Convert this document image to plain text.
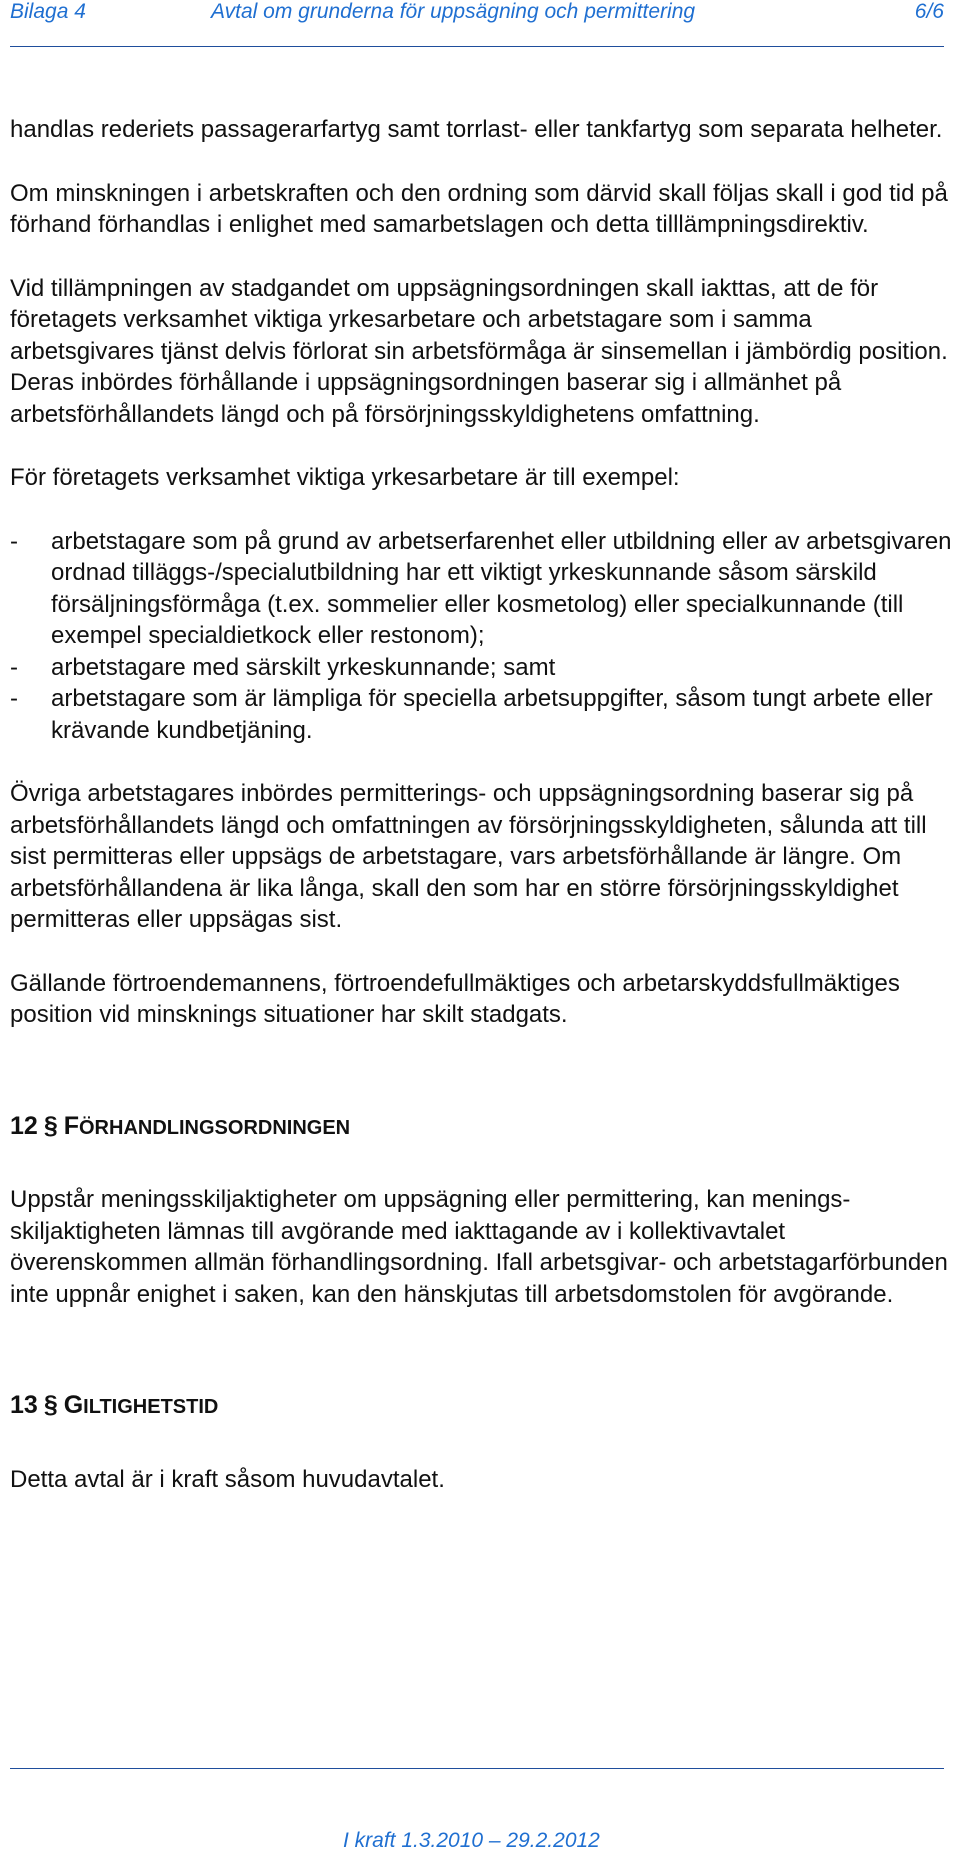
Bilaga 4	Avtal om grunderna för uppsägning och permittering	6/6

handlas rederiets passagerarfartyg samt torrlast- eller tankfartyg som separata helheter.

Om minskningen i arbetskraften och den ordning som därvid skall följas skall i god tid på förhand förhandlas i enlighet med samarbetslagen och detta tilllämpningsdirektiv.

Vid tillämpningen av stadgandet om uppsägningsordningen skall iakttas, att de för företagets verksamhet viktiga yrkesarbetare och arbetstagare som i samma arbetsgivares tjänst delvis förlorat sin arbetsförmåga är sinsemellan i jämbördig position. Deras inbördes förhållande i uppsägningsordningen baserar sig i allmänhet på arbetsförhållandets längd och på försörjningsskyldighetens omfattning.

För företagets verksamhet viktiga yrkesarbetare är till exempel:

- arbetstagare som på grund av arbetserfarenhet eller utbildning eller av arbetsgivaren ordnad tilläggs-/specialutbildning har ett viktigt yrkeskunnande såsom särskild försäljningsförmåga (t.ex. sommelier eller kosmetolog) eller specialkunnande (till exempel specialdietkock eller restonom);
- arbetstagare med särskilt yrkeskunnande; samt
- arbetstagare som är lämpliga för speciella arbetsuppgifter, såsom tungt arbete eller krävande kundbetjäning.

Övriga arbetstagares inbördes permitterings- och uppsägningsordning baserar sig på arbetsförhållandets längd och omfattningen av försörjningsskyldigheten, sålunda att till sist permitteras eller uppsägs de arbetstagare, vars arbetsförhållande är längre. Om arbetsförhållandena är lika långa, skall den som har en större försörjningsskyldighet permitteras eller uppsägas sist.

Gällande förtroendemannens, förtroendefullmäktiges och arbetarskyddsfullmäktiges position vid minsknings situationer har skilt stadgats.

12 § FÖRHANDLINGSORDNINGEN

Uppstår meningsskiljaktigheter om uppsägning eller permittering, kan menings-skiljaktigheten lämnas till avgörande med iakttagande av i kollektivavtalet överenskommen allmän förhandlingsordning. Ifall arbetsgivar- och arbetstagarförbunden inte uppnår enighet i saken, kan den hänskjutas till arbetsdomstolen för avgörande.

13 § GILTIGHETSTID

Detta avtal är i kraft såsom huvudavtalet.

I kraft 1.3.2010 – 29.2.2012
